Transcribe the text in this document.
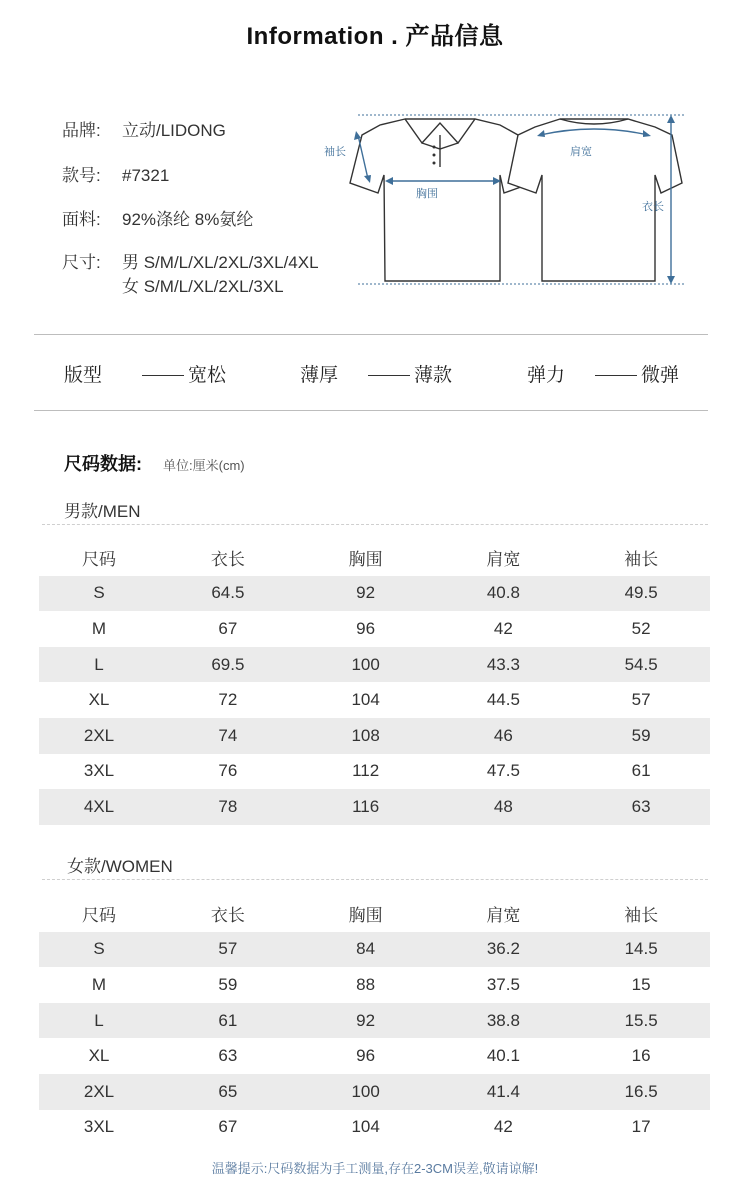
Information . 产品信息
品牌: 立动/LIDONG
款号: #7321
面料: 92%涤纶 8%氨纶
尺寸: 男 S/M/L/XL/2XL/3XL/4XL
女 S/M/L/XL/2XL/3XL
袖长
胸围
肩宽
衣长
版型	宽松	薄厚	薄款	弹力	微弹
尺码数据: 单位:厘米(cm)
男款/MEN
尺码	衣长	胸围	肩宽	袖长
S	64.5	92	40.8	49.5
M	67	96	42	52
L	69.5	100	43.3	54.5
XL	72	104	44.5	57
2XL	74	108	46	59
3XL	76	112	47.5	61
4XL	78	116	48	63
女款/WOMEN
尺码	衣长	胸围	肩宽	袖长
S	57	84	36.2	14.5
M	59	88	37.5	15
L	61	92	38.8	15.5
XL	63	96	40.1	16
2XL	65	100	41.4	16.5
3XL	67	104	42	17
温馨提示:尺码数据为手工测量,存在2-3CM误差,敬请谅解!
